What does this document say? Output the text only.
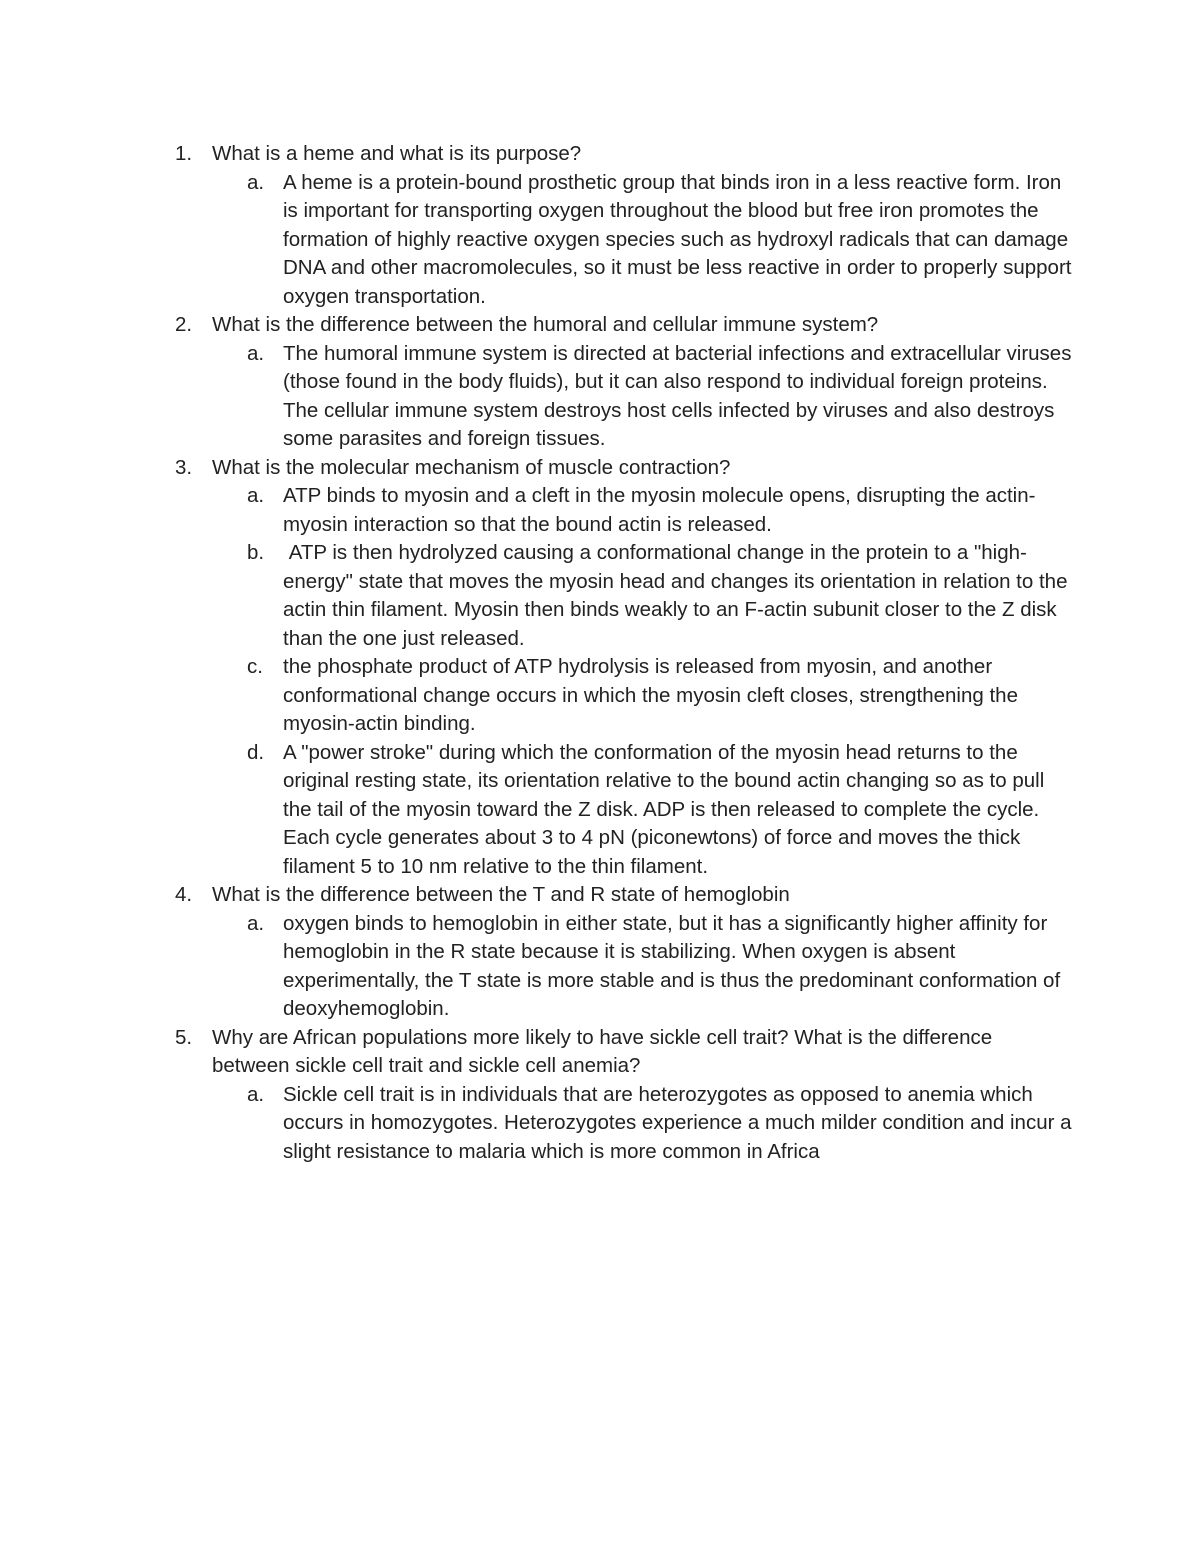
1. What is a heme and what is its purpose?
a. A heme is a protein-bound prosthetic group that binds iron in a less reactive form. Iron is important for transporting oxygen throughout the blood but free iron promotes the formation of highly reactive oxygen species such as hydroxyl radicals that can damage DNA and other macromolecules, so it must be less reactive in order to properly support oxygen transportation.
2. What is the difference between the humoral and cellular immune system?
a. The humoral immune system is directed at bacterial infections and extracellular viruses (those found in the body fluids), but it can also respond to individual foreign proteins. The cellular immune system destroys host cells infected by viruses and also destroys some parasites and foreign tissues.
3. What is the molecular mechanism of muscle contraction?
a. ATP binds to myosin and a cleft in the myosin molecule opens, disrupting the actin-myosin interaction so that the bound actin is released.
b. ATP is then hydrolyzed causing a conformational change in the protein to a "high-energy" state that moves the myosin head and changes its orientation in relation to the actin thin filament. Myosin then binds weakly to an F-actin subunit closer to the Z disk than the one just released.
c. the phosphate product of ATP hydrolysis is released from myosin, and another conformational change occurs in which the myosin cleft closes, strengthening the myosin-actin binding.
d. A "power stroke" during which the conformation of the myosin head returns to the original resting state, its orientation relative to the bound actin changing so as to pull the tail of the myosin toward the Z disk. ADP is then released to complete the cycle. Each cycle generates about 3 to 4 pN (piconewtons) of force and moves the thick filament 5 to 10 nm relative to the thin filament.
4. What is the difference between the T and R state of hemoglobin
a. oxygen binds to hemoglobin in either state, but it has a significantly higher affinity for hemoglobin in the R state because it is stabilizing. When oxygen is absent experimentally, the T state is more stable and is thus the predominant conformation of deoxyhemoglobin.
5. Why are African populations more likely to have sickle cell trait? What is the difference between sickle cell trait and sickle cell anemia?
a. Sickle cell trait is in individuals that are heterozygotes as opposed to anemia which occurs in homozygotes. Heterozygotes experience a much milder condition and incur a slight resistance to malaria which is more common in Africa
